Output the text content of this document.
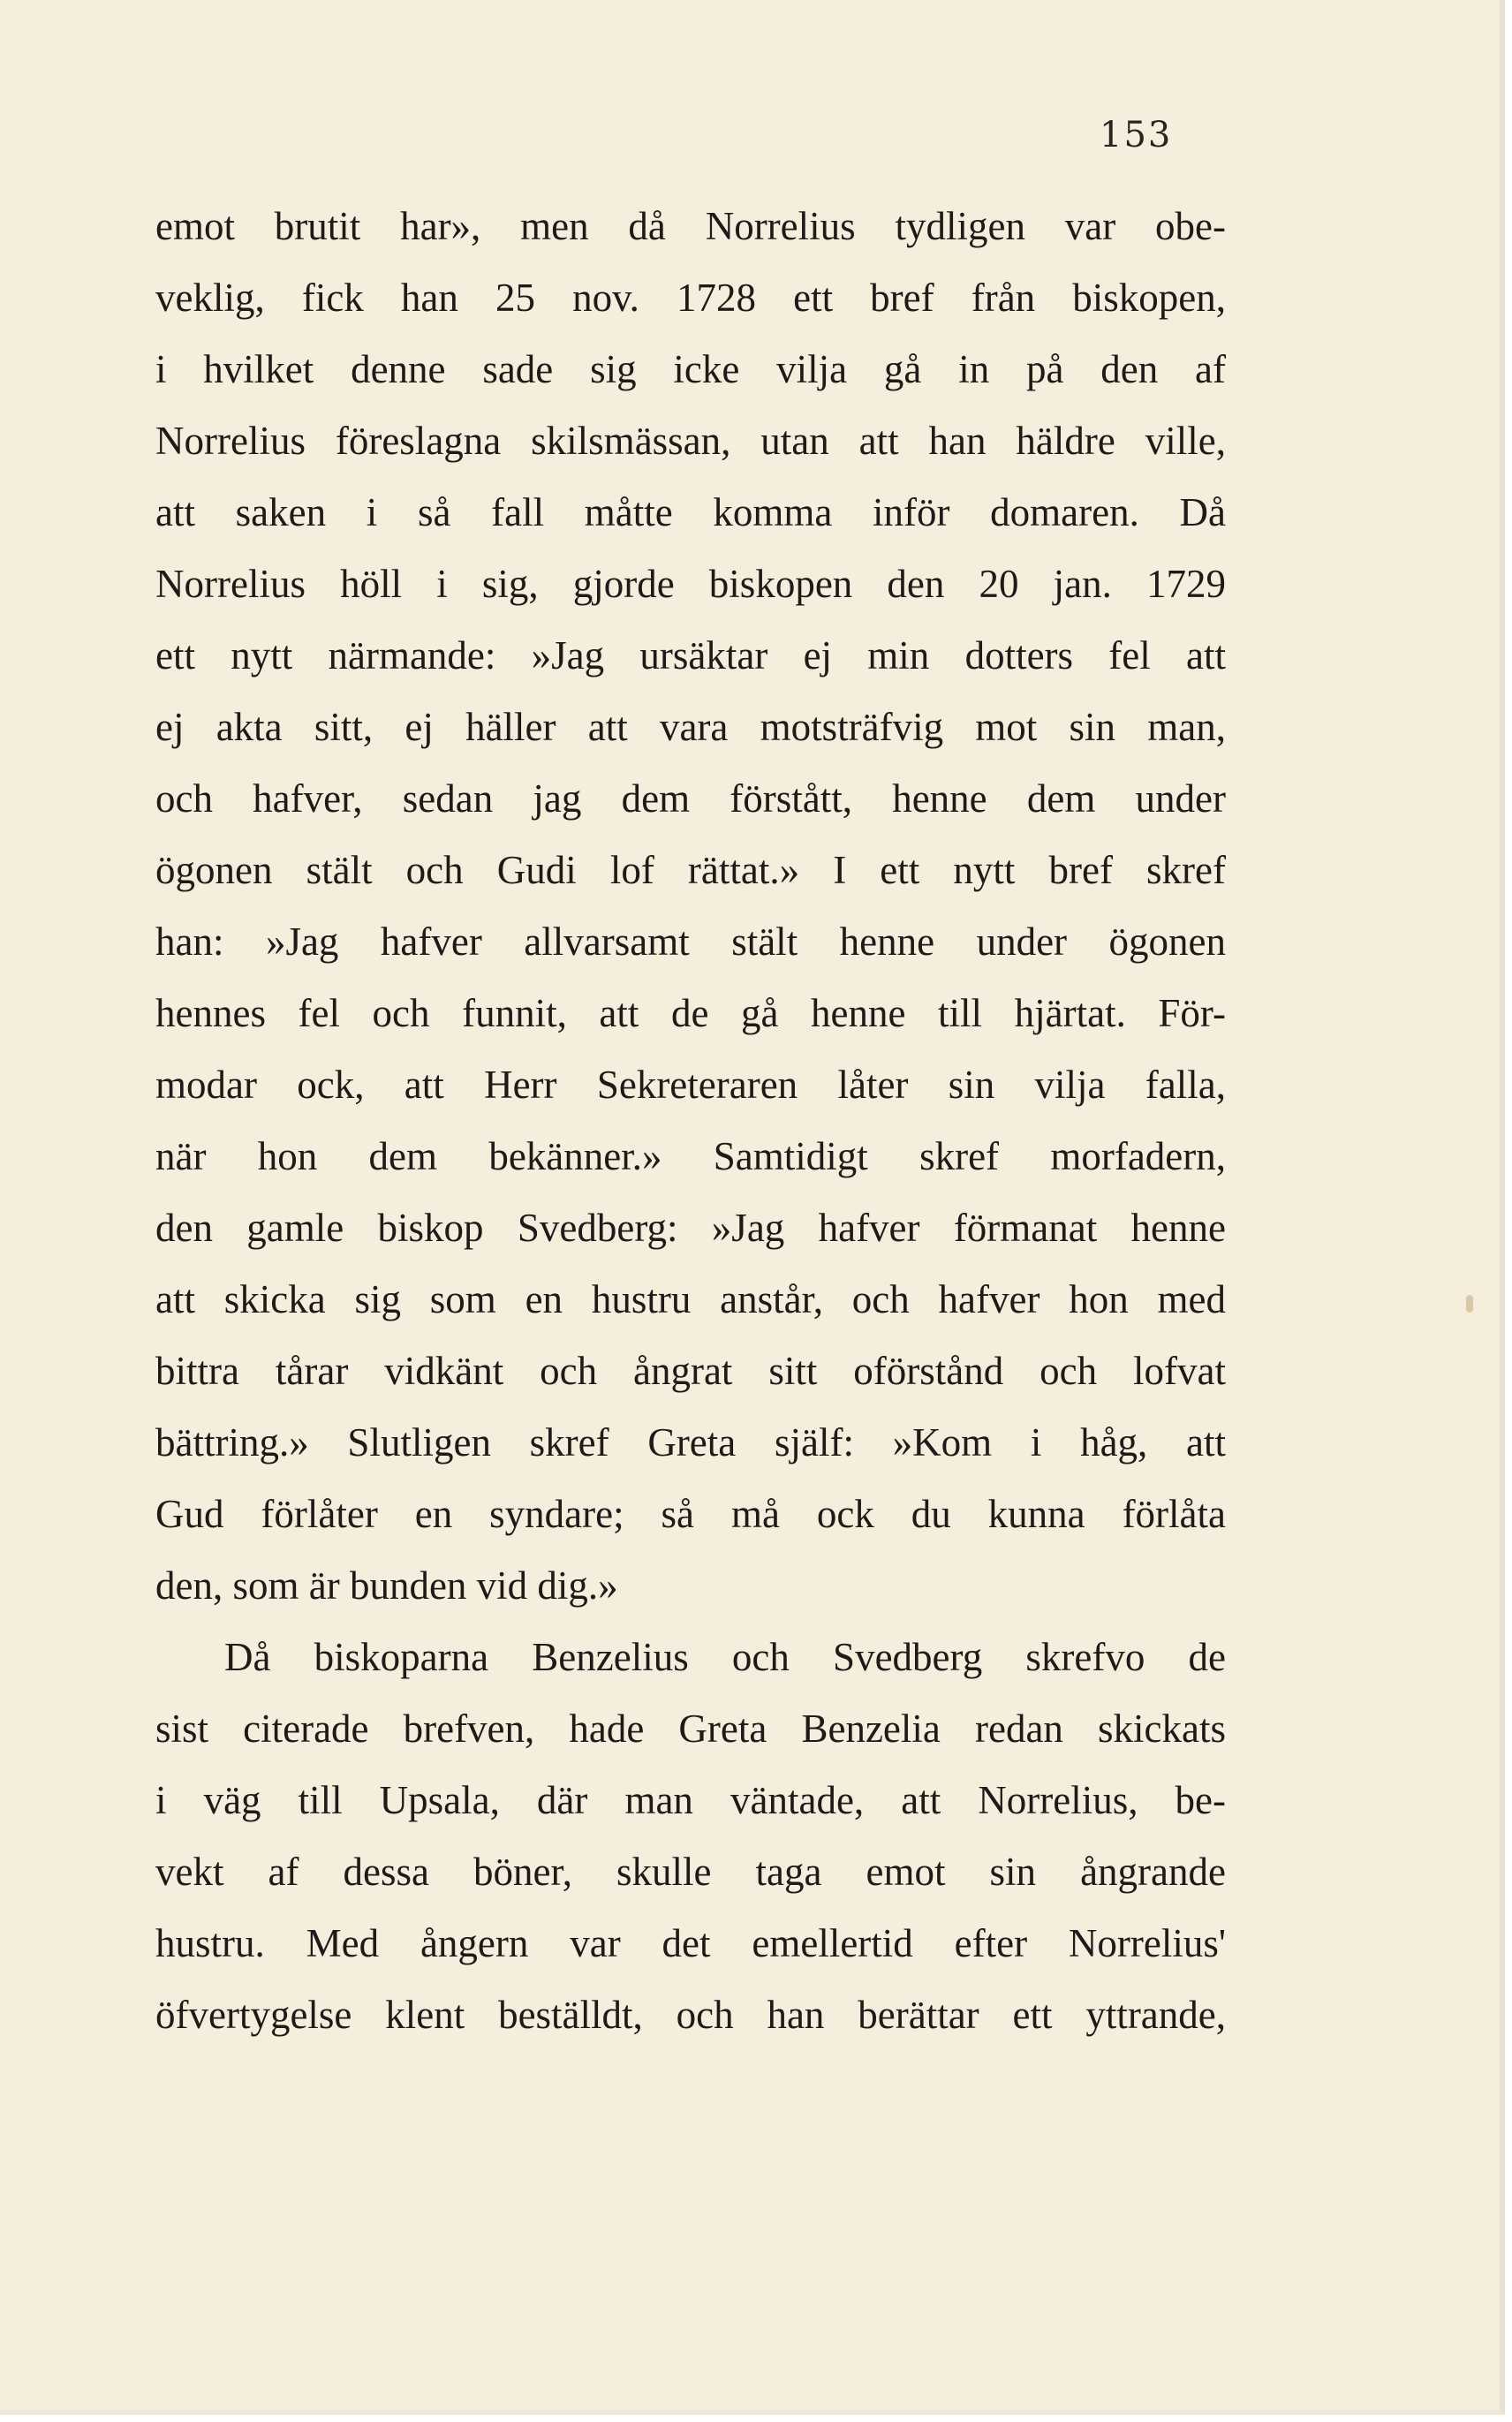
153
emot brutit har», men då Norrelius tydligen var obe-
veklig, fick han 25 nov. 1728 ett bref från biskopen,
i hvilket denne sade sig icke vilja gå in på den af
Norrelius föreslagna skilsmässan, utan att han häldre ville,
att saken i så fall måtte komma inför domaren. Då
Norrelius höll i sig, gjorde biskopen den 20 jan. 1729
ett nytt närmande: »Jag ursäktar ej min dotters fel att
ej akta sitt, ej häller att vara motsträfvig mot sin man,
och hafver, sedan jag dem förstått, henne dem under
ögonen stält och Gudi lof rättat.» I ett nytt bref skref
han: »Jag hafver allvarsamt stält henne under ögonen
hennes fel och funnit, att de gå henne till hjärtat. För-
modar ock, att Herr Sekreteraren låter sin vilja falla,
när hon dem bekänner.» Samtidigt skref morfadern,
den gamle biskop Svedberg: »Jag hafver förmanat henne
att skicka sig som en hustru anstår, och hafver hon med
bittra tårar vidkänt och ångrat sitt oförstånd och lofvat
bättring.» Slutligen skref Greta själf: »Kom i håg, att
Gud förlåter en syndare; så må ock du kunna förlåta
den, som är bunden vid dig.»
Då biskoparna Benzelius och Svedberg skrefvo de
sist citerade brefven, hade Greta Benzelia redan skickats
i väg till Upsala, där man väntade, att Norrelius, be-
vekt af dessa böner, skulle taga emot sin ångrande
hustru. Med ångern var det emellertid efter Norrelius'
öfvertygelse klent beställdt, och han berättar ett yttrande,
